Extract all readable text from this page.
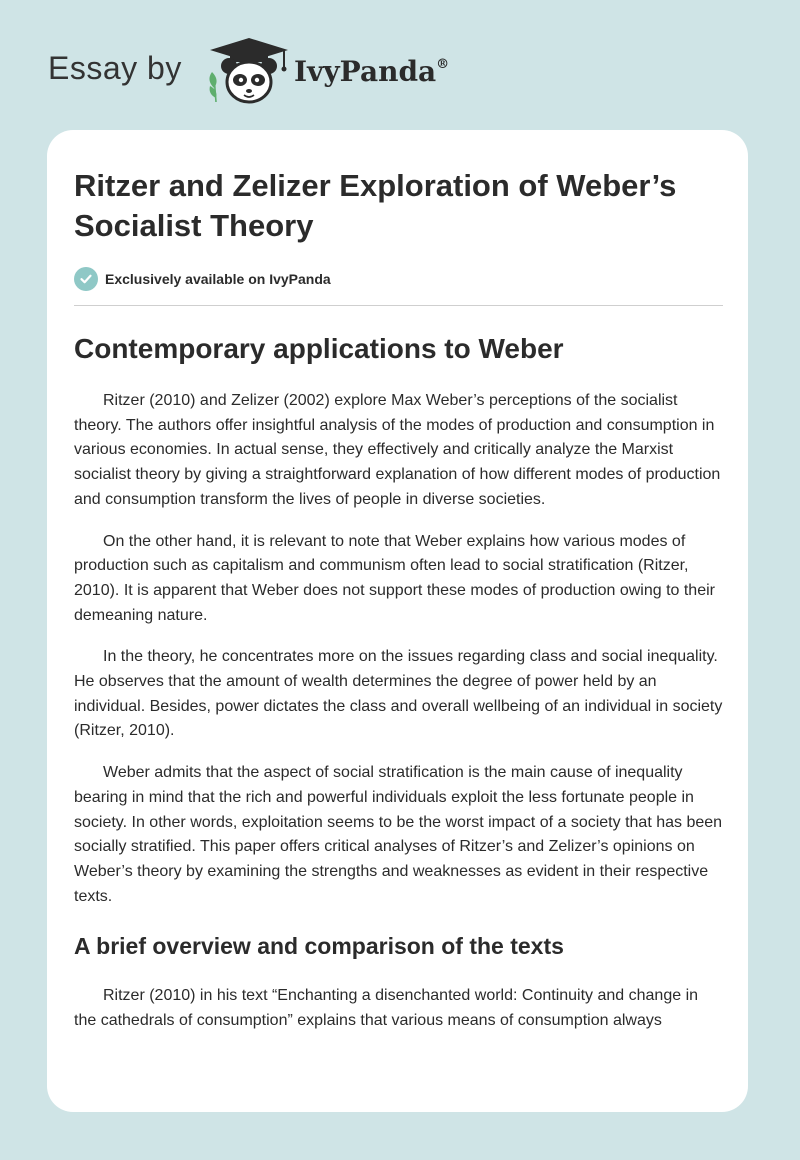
Essay by	IvyPanda®
Ritzer and Zelizer Exploration of Weber’s Socialist Theory
Exclusively available on IvyPanda
Contemporary applications to Weber

Ritzer (2010) and Zelizer (2002) explore Max Weber’s perceptions of the socialist theory. The authors offer insightful analysis of the modes of production and consumption in various economies. In actual sense, they effectively and critically analyze the Marxist socialist theory by giving a straightforward explanation of how different modes of production and consumption transform the lives of people in diverse societies.

On the other hand, it is relevant to note that Weber explains how various modes of production such as capitalism and communism often lead to social stratification (Ritzer, 2010). It is apparent that Weber does not support these modes of production owing to their demeaning nature.

In the theory, he concentrates more on the issues regarding class and social inequality. He observes that the amount of wealth determines the degree of power held by an individual. Besides, power dictates the class and overall wellbeing of an individual in society (Ritzer, 2010).

Weber admits that the aspect of social stratification is the main cause of inequality bearing in mind that the rich and powerful individuals exploit the less fortunate people in society. In other words, exploitation seems to be the worst impact of a society that has been socially stratified. This paper offers critical analyses of Ritzer’s and Zelizer’s opinions on Weber’s theory by examining the strengths and weaknesses as evident in their respective texts.

A brief overview and comparison of the texts

Ritzer (2010) in his text “Enchanting a disenchanted world: Continuity and change in the cathedrals of consumption” explains that various means of consumption always
